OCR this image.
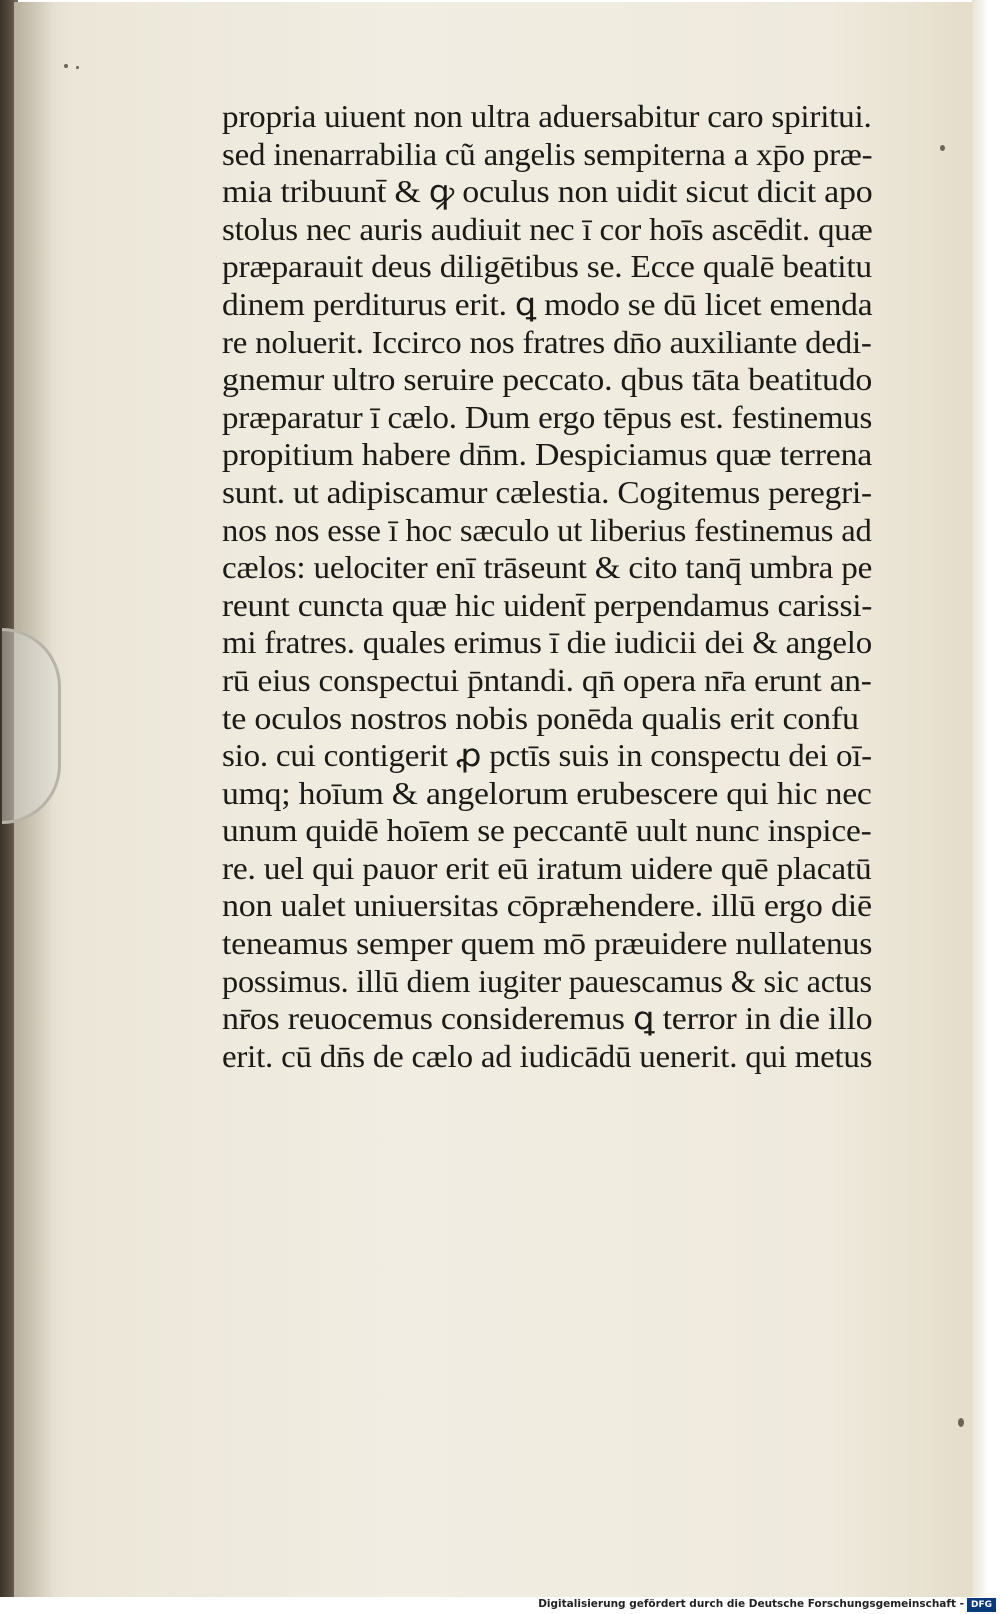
propria uiuent non ultra aduersabitur caro spiritui.
sed inenarrabilia cũ angelis sempiterna a xp̄o præ-
mia tribuunt̄ & ꝙ oculus non uidit sicut dicit apo
stolus nec auris audiuit nec ī cor hoīs ascēdit. quæ
præparauit deus diligētibus se. Ecce qualē beatitu
dinem perditurus erit. ꝗ modo se dū licet emenda
re noluerit. Iccirco nos fratres dn̄o auxiliante dedi-
gnemur ultro seruire peccato. qbus tāta beatitudo
præparatur ī cælo. Dum ergo tēpus est. festinemus
propitium habere dn̄m. Despiciamus quæ terrena
sunt. ut adipiscamur cælestia. Cogitemus peregri-
nos nos esse ī hoc sæculo ut liberius festinemus ad
cælos: uelociter enī trāseunt & cito tanq̄ umbra pe
reunt cuncta quæ hic uident̄ perpendamus carissi-
mi fratres. quales erimus ī die iudicii dei & angelo
rū eius conspectui p̄ntandi. qn̄ opera nr̄a erunt an-
te oculos nostros nobis ponēda qualis erit confu
sio. cui contigerit ꝓ pctīs suis in conspectu dei oī-
umq; hoīum & angelorum erubescere qui hic nec
unum quidē hoīem se peccantē uult nunc inspice-
re. uel qui pauor erit eū iratum uidere quē placatū
non ualet uniuersitas cōpræhendere. illū ergo diē
teneamus semper quem mō præuidere nullatenus
possimus. illū diem iugiter pauescamus & sic actus
nr̄os reuocemus consideremus ꝗ terror in die illo
erit. cū dn̄s de cælo ad iudicādū uenerit. qui metus
Digitalisierung gefördert durch die Deutsche Forschungsgemeinschaft - DFG
